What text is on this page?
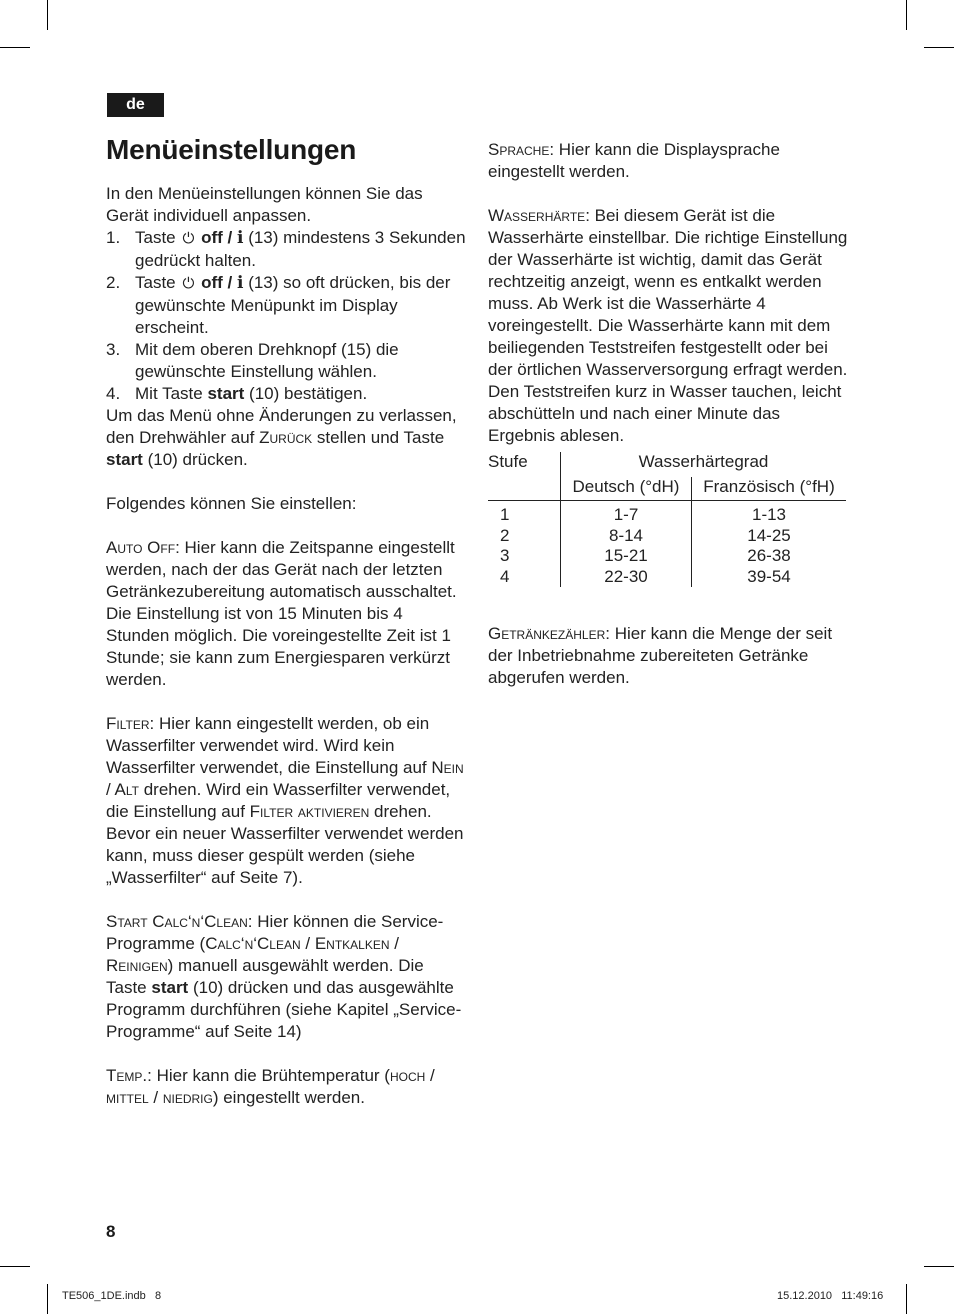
de
Menüeinstellungen

In den Menüeinstellungen können Sie das Gerät individuell anpassen.

1. Taste ⏻ off / ℹ (13) mindestens 3 Sekunden gedrückt halten.
2. Taste ⏻ off / ℹ (13) so oft drücken, bis der gewünschte Menüpunkt im Display erscheint.
3. Mit dem oberen Drehknopf (15) die gewünschte Einstellung wählen.
4. Mit Taste start (10) bestätigen.

Um das Menü ohne Änderungen zu verlassen, den Drehwähler auf Zurück stellen und Taste start (10) drücken.

Folgendes können Sie einstellen:

Auto Off: Hier kann die Zeitspanne eingestellt werden, nach der das Gerät nach der letzten Getränkezubereitung automatisch ausschaltet. Die Einstellung ist von 15 Minuten bis 4 Stunden möglich. Die voreingestellte Zeit ist 1 Stunde; sie kann zum Energiesparen verkürzt werden.

Filter: Hier kann eingestellt werden, ob ein Wasserfilter verwendet wird. Wird kein Wasserfilter verwendet, die Einstellung auf Nein / Alt drehen. Wird ein Wasserfilter verwendet, die Einstellung auf Filter aktivieren drehen. Bevor ein neuer Wasserfilter verwendet werden kann, muss dieser gespült werden (siehe „Wasserfilter“ auf Seite 7).

Start Calc‘n‘Clean: Hier können die Service-Programme (Calc‘n‘Clean / Entkalken / Reinigen) manuell ausgewählt werden. Die Taste start (10) drücken und das ausgewählte Programm durchführen (siehe Kapitel „Service-Programme“ auf Seite 14)

Temp.: Hier kann die Brühtemperatur (hoch / mittel / niedrig) eingestellt werden.

Sprache: Hier kann die Displaysprache eingestellt werden.

Wasserhärte: Bei diesem Gerät ist die Wasserhärte einstellbar. Die richtige Einstellung der Wasserhärte ist wichtig, damit das Gerät rechtzeitig anzeigt, wenn es entkalkt werden muss. Ab Werk ist die Wasserhärte 4 voreingestellt. Die Wasserhärte kann mit dem beiliegenden Teststreifen festgestellt oder bei der örtlichen Wasserversorgung erfragt werden.

Den Teststreifen kurz in Wasser tauchen, leicht abschütteln und nach einer Minute das Ergebnis ablesen.

Stufe	Wasserhärtegrad	
	Deutsch (°dH)	Französisch (°fH)
1	1-7	1-13
2	8-14	14-25
3	15-21	26-38
4	22-30	39-54

Getränkezähler: Hier kann die Menge der seit der Inbetriebnahme zubereiteten Getränke abgerufen werden.

8
TE506_1DE.indb   8	15.12.2010   11:49:16
